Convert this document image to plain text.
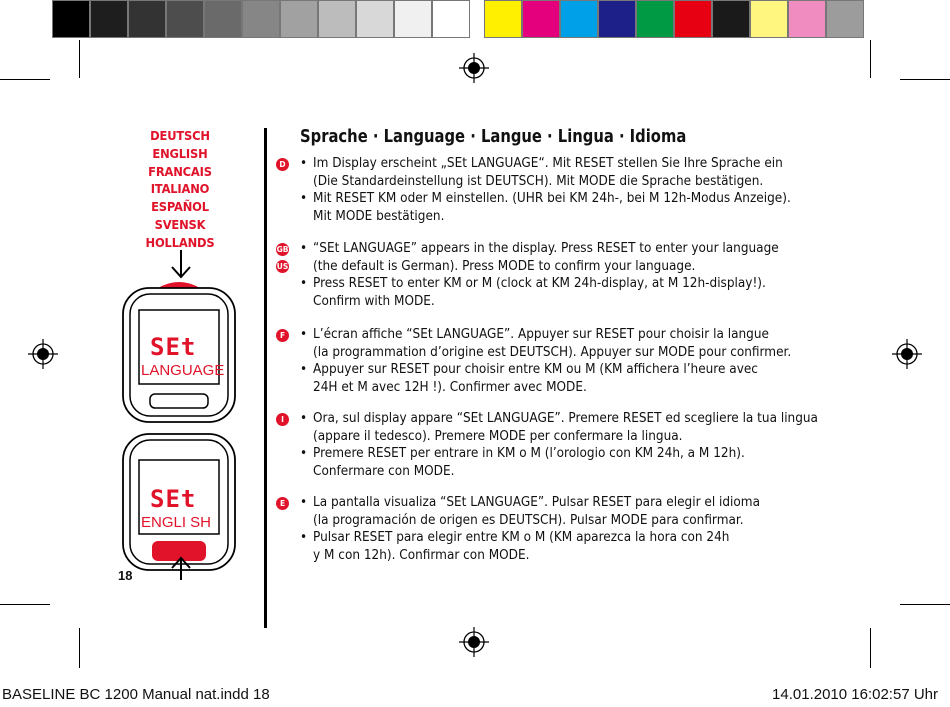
DEUTSCH
ENGLISH
FRANCAIS
ITALIANO
ESPAÑOL
SVENSK
HOLLANDS
SEt
LANGUAGE
SEt
ENGLI SH
18
Sprache · Language · Langue · Lingua · Idioma
D	• Im Display erscheint „SEt LANGUAGE“. Mit RESET stellen Sie Ihre Sprache ein
(Die Standardeinstellung ist DEUTSCH). Mit MODE die Sprache bestätigen.
• Mit RESET KM oder M einstellen. (UHR bei KM 24h-, bei M 12h-Modus Anzeige).
Mit MODE bestätigen.
GB
US
• “SEt LANGUAGE” appears in the display. Press RESET to enter your language
(the default is German). Press MODE to confirm your language.
• Press RESET to enter KM or M (clock at KM 24h-display, at M 12h-display!).
Confirm with MODE.
F	• L’écran affiche “SEt LANGUAGE”. Appuyer sur RESET pour choisir la langue
(la programmation d’origine est DEUTSCH). Appuyer sur MODE pour confirmer.
• Appuyer sur RESET pour choisir entre KM ou M (KM affichera l’heure avec
24H et M avec 12H !). Confirmer avec MODE.
I	• Ora, sul display appare “SEt LANGUAGE”. Premere RESET ed scegliere la tua lingua
(appare il tedesco). Premere MODE per confermare la lingua.
• Premere RESET per entrare in KM o M (l’orologio con KM 24h, a M 12h).
Confermare con MODE.
E	• La pantalla visualiza “SEt LANGUAGE”. Pulsar RESET para elegir el idioma
(la programación de origen es DEUTSCH). Pulsar MODE para confirmar.
• Pulsar RESET para elegir entre KM o M (KM aparezca la hora con 24h
y M con 12h). Confirmar con MODE.
BASELINE BC 1200 Manual nat.indd 18	14.01.2010 16:02:57 Uhr
